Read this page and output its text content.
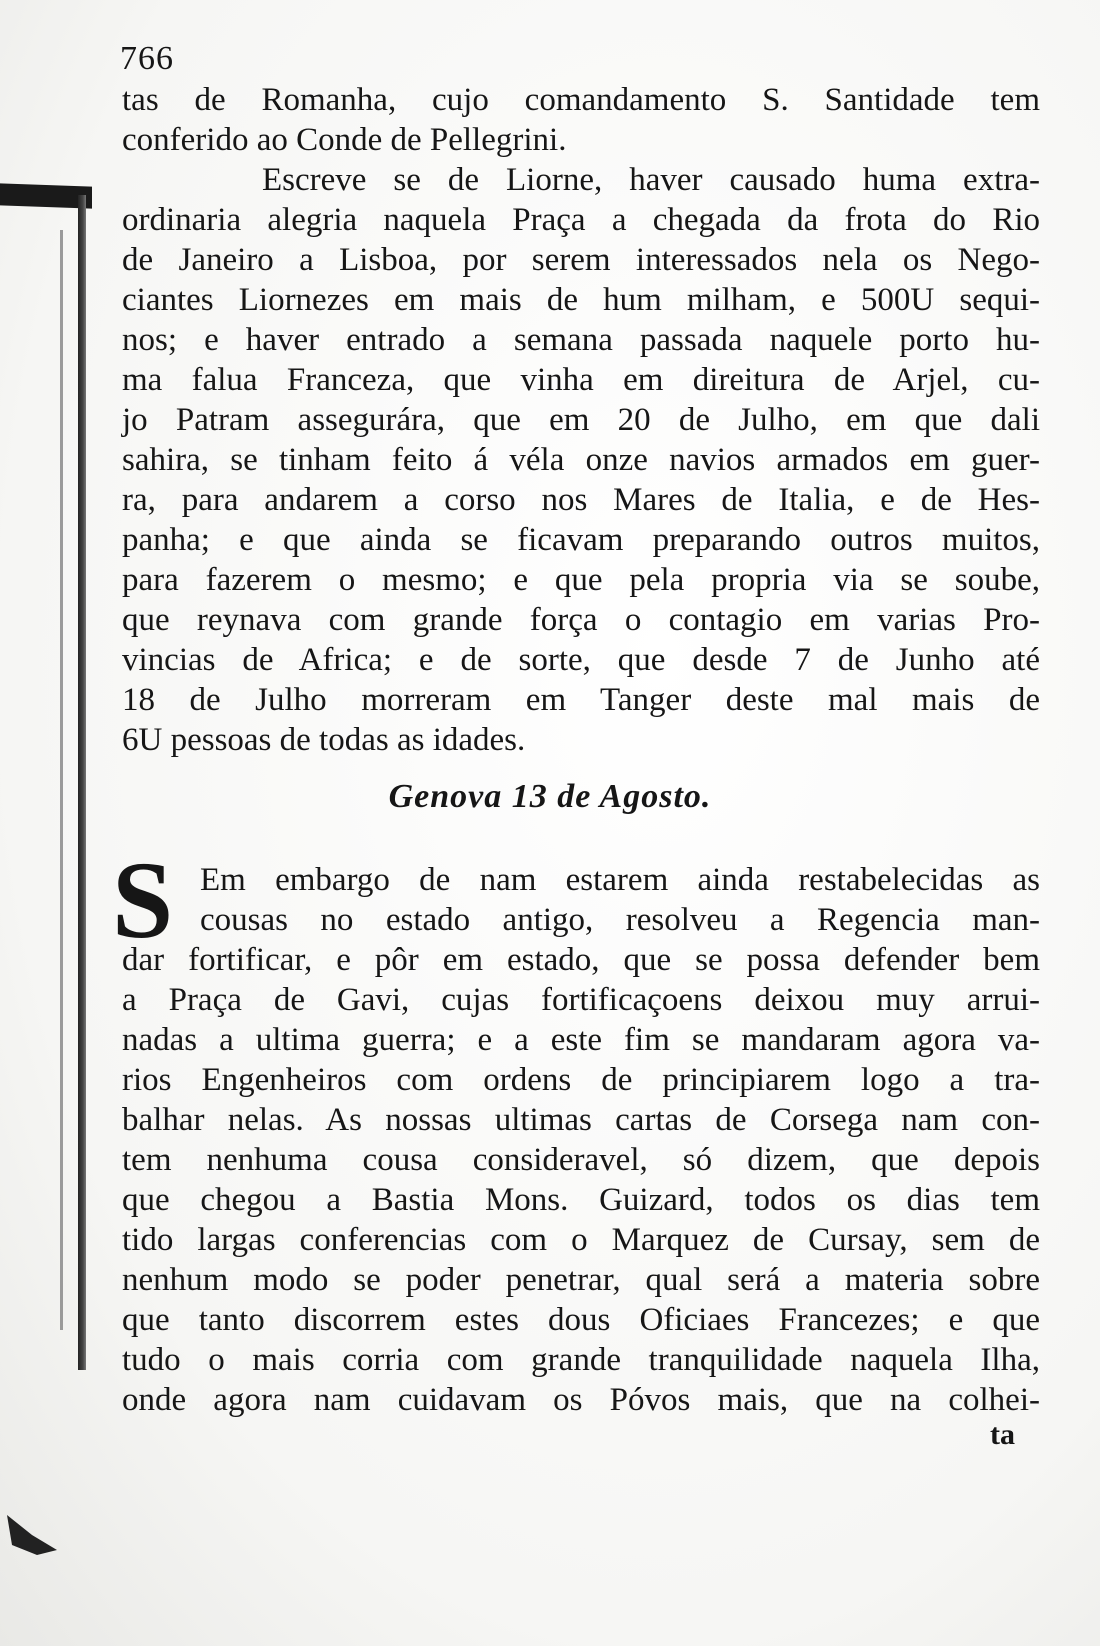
766
tas de Romanha, cujo comandamento S. Santidade tem
conferido ao Conde de Pellegrini.
Escreve se de Liorne, haver causado huma extra-
ordinaria alegria naquela Praça a chegada da frota do Rio
de Janeiro a Lisboa, por serem interessados nela os Nego-
ciantes Liornezes em mais de hum milham, e 500U sequi-
nos; e haver entrado a semana passada naquele porto hu-
ma falua Franceza, que vinha em direitura de Arjel, cu-
jo Patram assegurára, que em 20 de Julho, em que dali
sahira, se tinham feito á véla onze navios armados em guer-
ra, para andarem a corso nos Mares de Italia, e de Hes-
panha; e que ainda se ficavam preparando outros muitos,
para fazerem o mesmo; e que pela propria via se soube,
que reynava com grande força o contagio em varias Pro-
vincias de Africa; e de sorte, que desde 7 de Junho até
18 de Julho morreram em Tanger deste mal mais de
6U pessoas de todas as idades.
Genova 13 de Agosto.
S Em embargo de nam estarem ainda restabelecidas as
cousas no estado antigo, resolveu a Regencia man-
dar fortificar, e pôr em estado, que se possa defender bem
a Praça de Gavi, cujas fortificaçoens deixou muy arrui-
nadas a ultima guerra; e a este fim se mandaram agora va-
rios Engenheiros com ordens de principiarem logo a tra-
balhar nelas. As nossas ultimas cartas de Corsega nam con-
tem nenhuma cousa consideravel, só dizem, que depois
que chegou a Bastia Mons. Guizard, todos os dias tem
tido largas conferencias com o Marquez de Cursay, sem de
nenhum modo se poder penetrar, qual será a materia sobre
que tanto discorrem estes dous Oficiaes Francezes; e que
tudo o mais corria com grande tranquilidade naquela Ilha,
onde agora nam cuidavam os Póvos mais, que na colhei-
ta
